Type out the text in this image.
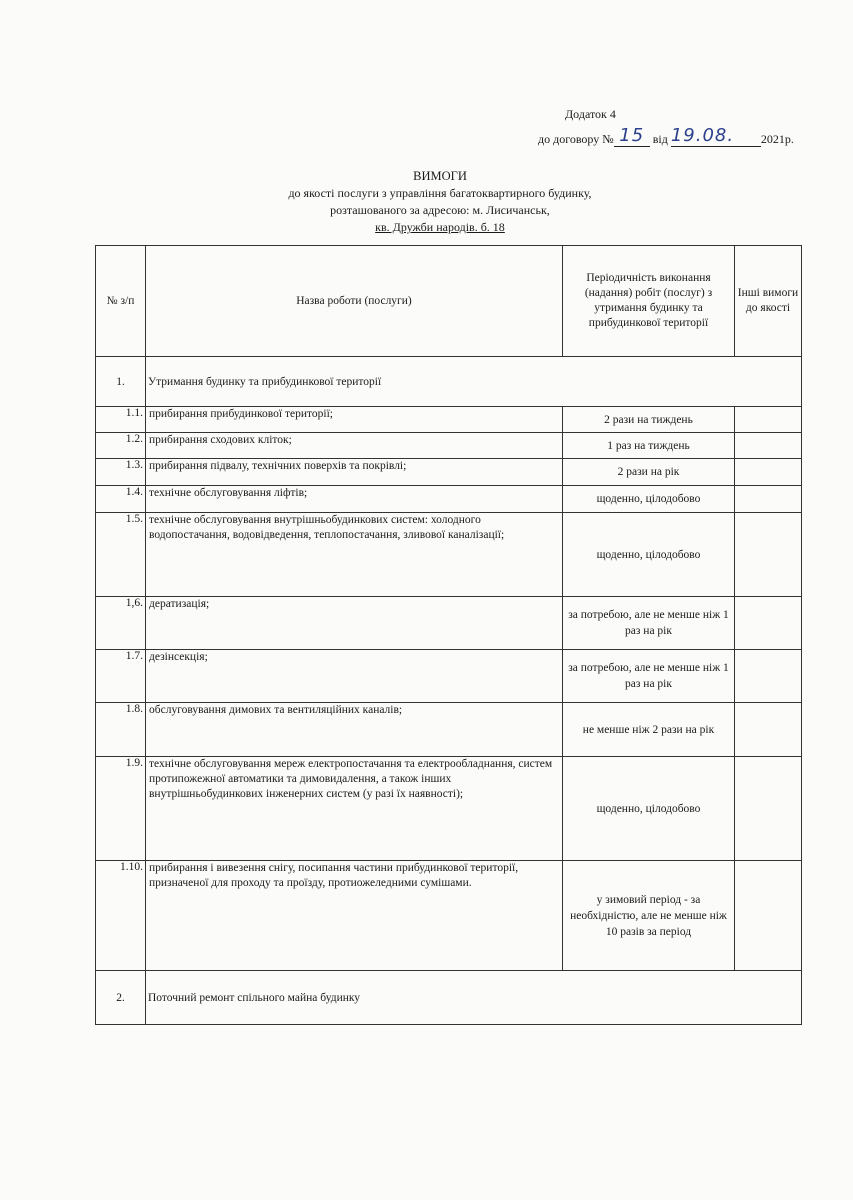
Додаток 4
до договору № 15 від 19.08. 2021р.
ВИМОГИ
до якості послуги з управління багатоквартирного будинку,
розташованого за адресою: м. Лисичанськ,
кв. Дружби народів. б. 18
№ з/п	Назва роботи (послуги)	Періодичність виконання (надання) робіт (послуг) з утримання будинку та прибудинкової території	Інші вимоги до якості
1.	Утримання будинку та прибудинкової території		
1.1.	прибирання прибудинкової території;	2 рази на тиждень	
1.2.	прибирання сходових кліток;	1 раз на тиждень	
1.3.	прибирання підвалу, технічних поверхів та покрівлі;	2 рази на рік	
1.4.	технічне обслуговування ліфтів;	щоденно, цілодобово	
1.5.	технічне обслуговування внутрішньобудинкових систем: холодного водопостачання, водовідведення, теплопостачання, зливової каналізації;	щоденно, цілодобово	
1,6.	дератизація;	за потребою, але не менше ніж 1 раз на рік	
1.7.	дезінсекція;	за потребою, але не менше ніж 1 раз на рік	
1.8.	обслуговування димових та вентиляційних каналів;	не менше ніж 2 рази на рік	
1.9.	технічне обслуговування мереж електропостачання та електрообладнання, систем протипожежної автоматики та димовидалення, а також інших внутрішньобудинкових інженерних систем (у разі їх наявності);	щоденно, цілодобово	
1.10.	прибирання і вивезення снігу, посипання частини прибудинкової території, призначеної для проходу та проїзду, протиожеледними сумішами.	у зимовий період - за необхідністю, але не менше ніж 10 разів за період	
2.	Поточний ремонт спільного майна будинку		
